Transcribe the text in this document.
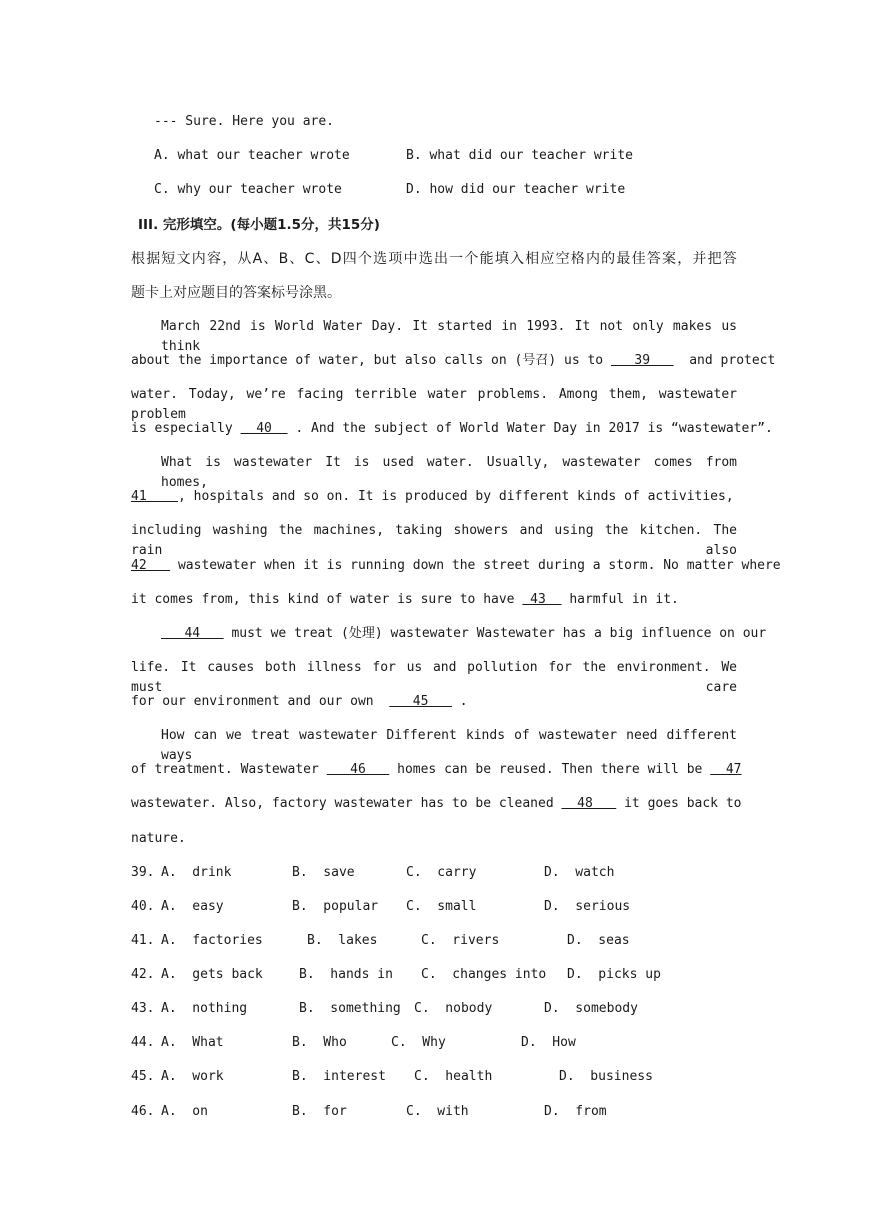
--- Sure. Here you are.
A. what our teacher wrote	B. what did our teacher write
C. why our teacher wrote	D. how did our teacher write
III. 完形填空。(每小题1.5分，共15分)
根据短文内容，从A、B、C、D四个选项中选出一个能填入相应空格内的最佳答案，并把答
题卡上对应题目的答案标号涂黑。
March 22nd is World Water Day. It started in 1993. It not only makes us think
about the importance of water, but also calls on (号召) us to    39     and protect
water. Today, we’re facing terrible water problems. Among them, wastewater problem
is especially   40   . And the subject of World Water Day in 2017 is “wastewater”.
What is wastewater It is used water. Usually, wastewater comes from homes,
41    , hospitals and so on. It is produced by different kinds of activities,
including washing the machines, taking showers and using the kitchen. The rain also
42    wastewater when it is running down the street during a storm. No matter where
it comes from, this kind of water is sure to have  43   harmful in it.
44    must we treat (处理) wastewater Wastewater has a big influence on our
life. It causes both illness for us and pollution for the environment. We must care
for our environment and our own     45    .
How can we treat wastewater Different kinds of wastewater need different ways
of treatment. Wastewater    46    homes can be reused. Then there will be   47
wastewater. Also, factory wastewater has to be cleaned   48    it goes back to
nature.
39. A.  drink	B.  save	C.  carry	D.  watch
40. A.  easy	B.  popular C.  small	D.  serious
41. A.  factories	B.  lakes	C.  rivers	D.  seas
42. A.  gets back	B.  hands in C.  changes into D.  picks up
43. A.  nothing	B.  something C.  nobody	D.  somebody
44. A.  What	B.  Who	C.  Why	D.  How
45. A.  work	B.  interest C.  health	D.  business
46. A.  on	B.  for	C.  with	D.  from
